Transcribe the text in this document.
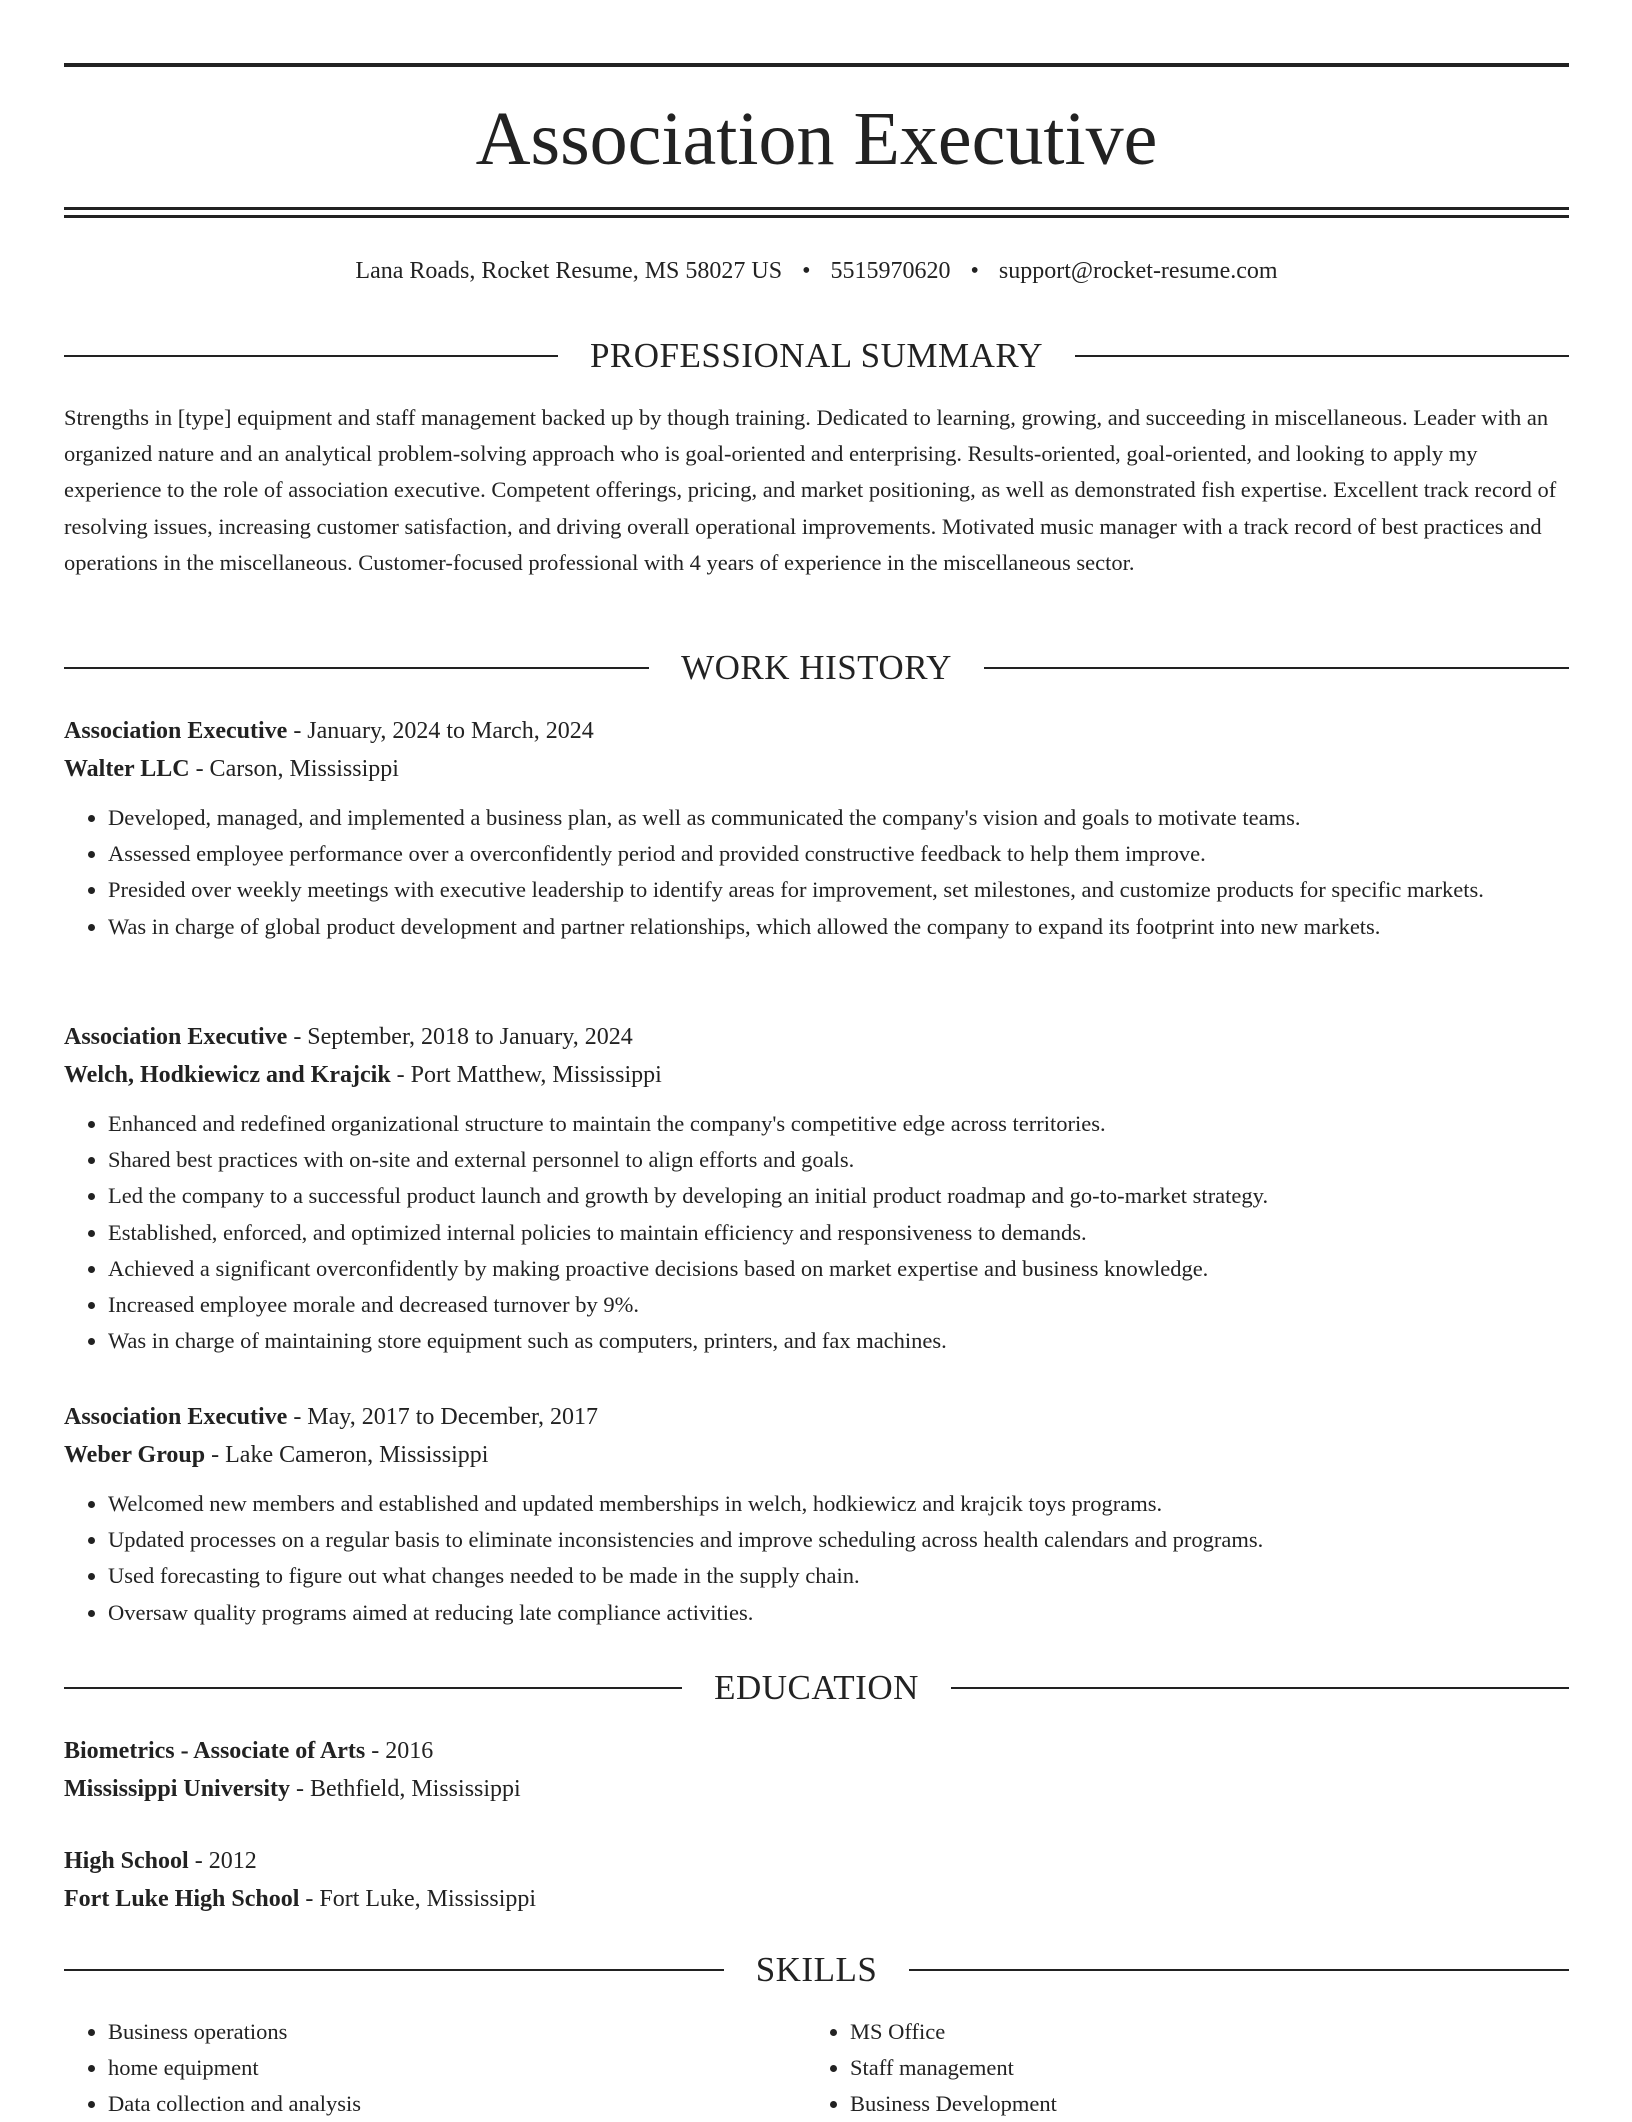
Association Executive
Lana Roads, Rocket Resume, MS 58027 US • 5515970620 • support@rocket-resume.com
PROFESSIONAL SUMMARY

Strengths in [type] equipment and staff management backed up by though training. Dedicated to learning, growing, and succeeding in miscellaneous. Leader with an organized nature and an analytical problem-solving approach who is goal-oriented and enterprising. Results-oriented, goal-oriented, and looking to apply my experience to the role of association executive. Competent offerings, pricing, and market positioning, as well as demonstrated fish expertise. Excellent track record of resolving issues, increasing customer satisfaction, and driving overall operational improvements. Motivated music manager with a track record of best practices and operations in the miscellaneous. Customer-focused professional with 4 years of experience in the miscellaneous sector.

WORK HISTORY

Association Executive - January, 2024 to March, 2024

Walter LLC - Carson, Mississippi

• Developed, managed, and implemented a business plan, as well as communicated the company's vision and goals to motivate teams.
• Assessed employee performance over a overconfidently period and provided constructive feedback to help them improve.
• Presided over weekly meetings with executive leadership to identify areas for improvement, set milestones, and customize products for specific markets.
• Was in charge of global product development and partner relationships, which allowed the company to expand its footprint into new markets.

Association Executive - September, 2018 to January, 2024

Welch, Hodkiewicz and Krajcik - Port Matthew, Mississippi

• Enhanced and redefined organizational structure to maintain the company's competitive edge across territories.
• Shared best practices with on-site and external personnel to align efforts and goals.
• Led the company to a successful product launch and growth by developing an initial product roadmap and go-to-market strategy.
• Established, enforced, and optimized internal policies to maintain efficiency and responsiveness to demands.
• Achieved a significant overconfidently by making proactive decisions based on market expertise and business knowledge.
• Increased employee morale and decreased turnover by 9%.
• Was in charge of maintaining store equipment such as computers, printers, and fax machines.

Association Executive - May, 2017 to December, 2017

Weber Group - Lake Cameron, Mississippi

• Welcomed new members and established and updated memberships in welch, hodkiewicz and krajcik toys programs.
• Updated processes on a regular basis to eliminate inconsistencies and improve scheduling across health calendars and programs.
• Used forecasting to figure out what changes needed to be made in the supply chain.
• Oversaw quality programs aimed at reducing late compliance activities.
EDUCATION

Biometrics - Associate of Arts - 2016

Mississippi University - Bethfield, Mississippi

High School - 2012

Fort Luke High School - Fort Luke, Mississippi

SKILLS
• Business operations
• home equipment
• Data collection and analysis
• MS Office
• Staff management
• Business Development
